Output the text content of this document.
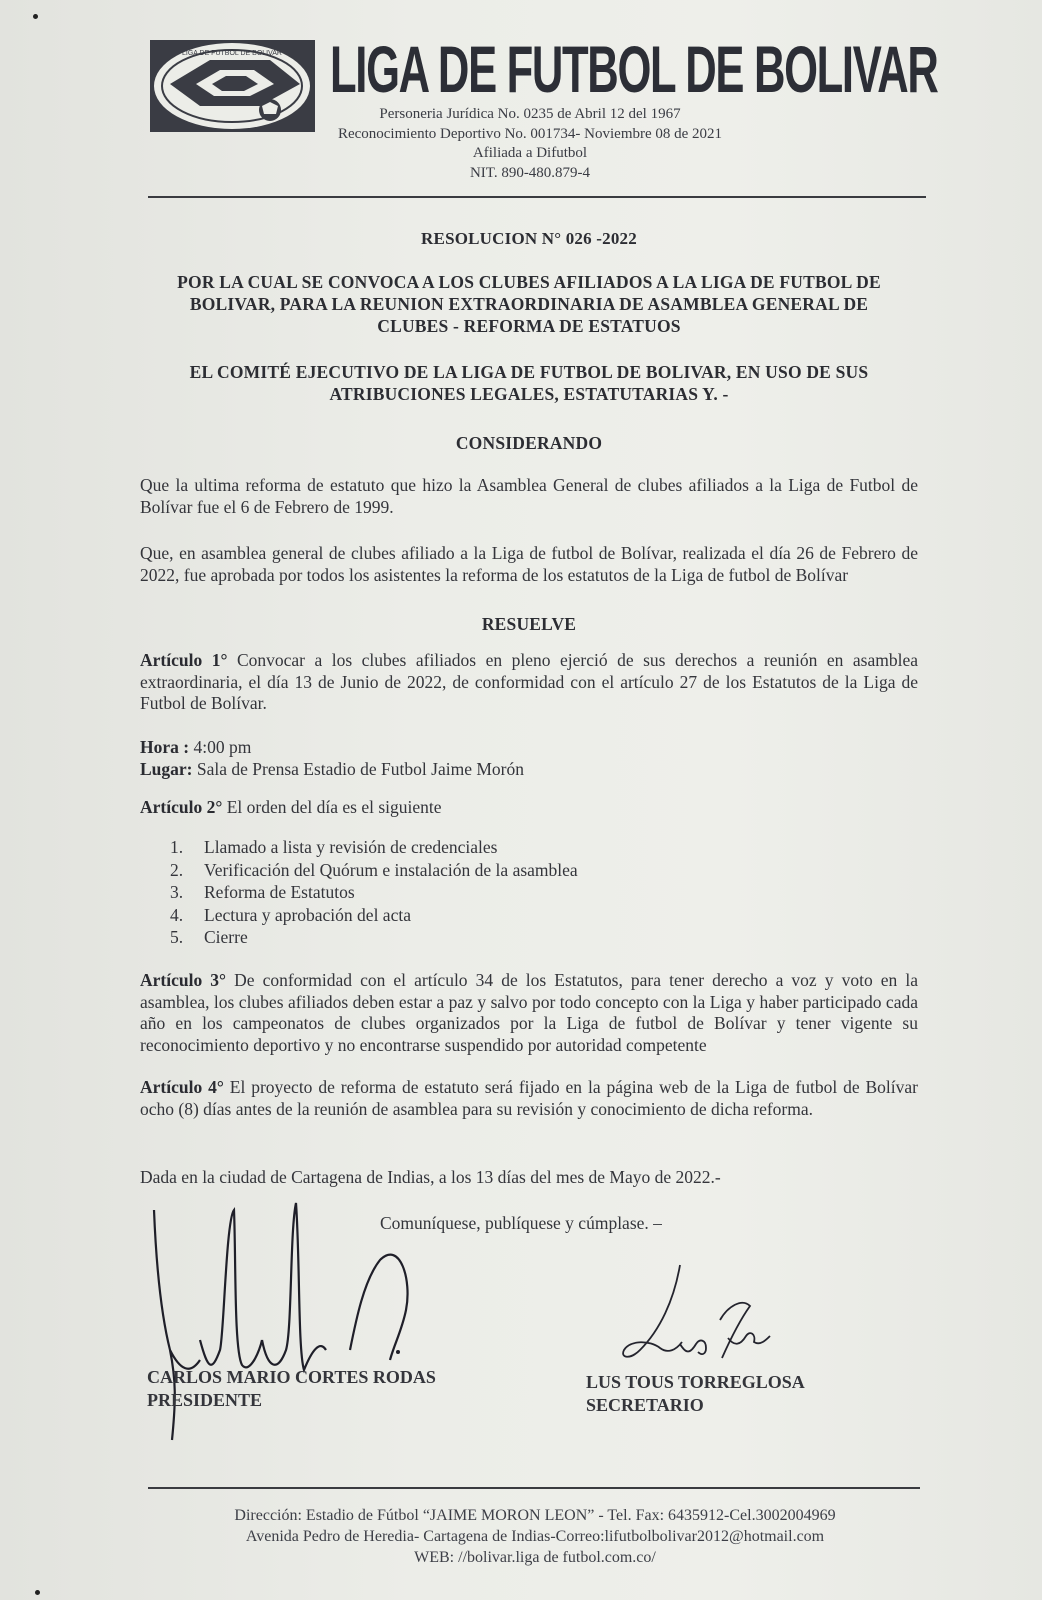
LIGA DE FUTBOL DE BOLIVAR LIGA DE FUTBOL DE BOLIVAR
Personeria Jurídica No. 0235 de Abril 12 del 1967
Reconocimiento Deportivo No. 001734- Noviembre 08 de 2021
Afiliada a Difutbol
NIT. 890-480.879-4
RESOLUCION N° 026 -2022
POR LA CUAL SE CONVOCA A LOS CLUBES AFILIADOS A LA LIGA DE FUTBOL DE
BOLIVAR, PARA LA REUNION EXTRAORDINARIA DE ASAMBLEA GENERAL DE
CLUBES - REFORMA DE ESTATUOS
EL COMITÉ EJECUTIVO DE LA LIGA DE FUTBOL DE BOLIVAR, EN USO DE SUS
ATRIBUCIONES LEGALES, ESTATUTARIAS Y. -
CONSIDERANDO
Que la ultima reforma de estatuto que hizo la Asamblea General de clubes afiliados a la Liga de Futbol de Bolívar fue el 6 de Febrero de 1999.
Que, en asamblea general de clubes afiliado a la Liga de futbol de Bolívar, realizada el día 26 de Febrero de 2022, fue aprobada por todos los asistentes la reforma de los estatutos de la Liga de futbol de Bolívar
RESUELVE
Artículo 1° Convocar a los clubes afiliados en pleno ejerció de sus derechos a reunión en asamblea extraordinaria, el día 13 de Junio de 2022, de conformidad con el artículo 27 de los Estatutos de la Liga de Futbol de Bolívar.
Hora : 4:00 pm
Lugar: Sala de Prensa Estadio de Futbol Jaime Morón
Artículo 2° El orden del día es el siguiente
1. Llamado a lista y revisión de credenciales
2. Verificación del Quórum e instalación de la asamblea
3. Reforma de Estatutos
4. Lectura y aprobación del acta
5. Cierre
Artículo 3° De conformidad con el artículo 34 de los Estatutos, para tener derecho a voz y voto en la asamblea, los clubes afiliados deben estar a paz y salvo por todo concepto con la Liga y haber participado cada año en los campeonatos de clubes organizados por la Liga de futbol de Bolívar y tener vigente su reconocimiento deportivo y no encontrarse suspendido por autoridad competente
Artículo 4° El proyecto de reforma de estatuto será fijado en la página web de la Liga de futbol de Bolívar ocho (8) días antes de la reunión de asamblea para su revisión y conocimiento de dicha reforma.
Dada en la ciudad de Cartagena de Indias, a los 13 días del mes de Mayo de 2022.-
Comuníquese, publíquese y cúmplase. –
CARLOS MARIO CORTES RODAS
PRESIDENTE
LUS TOUS TORREGLOSA
SECRETARIO
Dirección: Estadio de Fútbol “JAIME MORON LEON” - Tel. Fax: 6435912-Cel.3002004969
Avenida Pedro de Heredia- Cartagena de Indias-Correo:lifutbolbolivar2012@hotmail.com
WEB: //bolivar.liga de futbol.com.co/
